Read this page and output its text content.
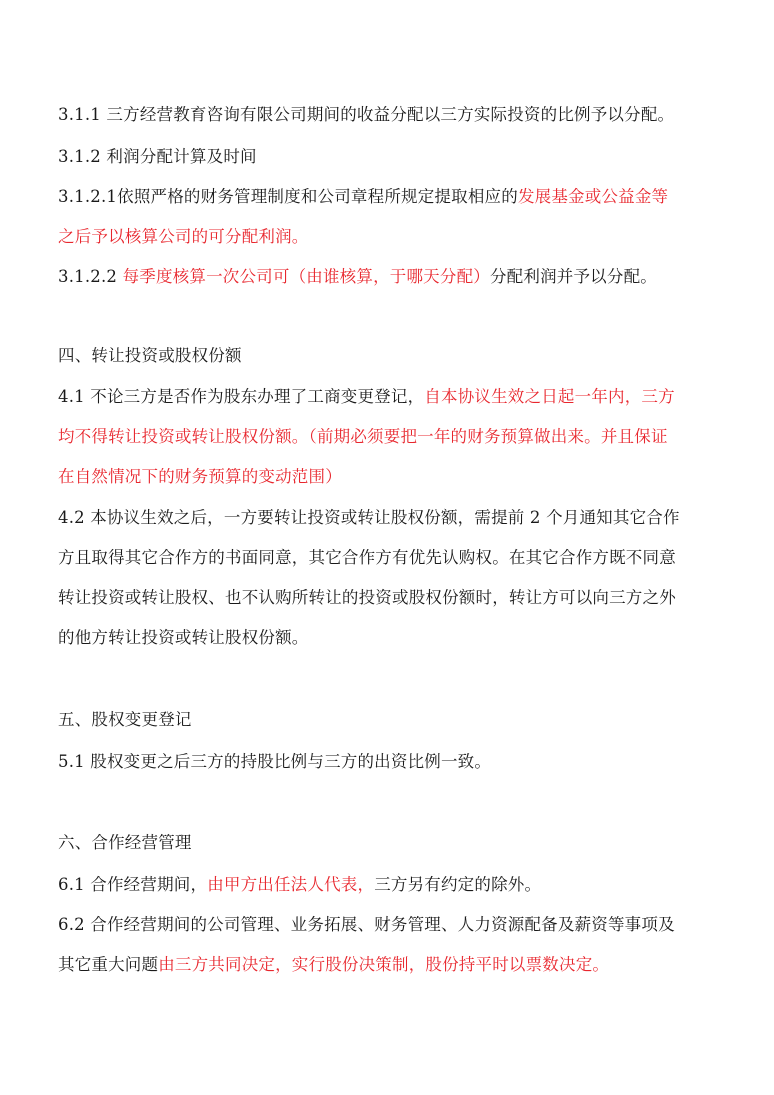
3.1.1 三方经营教育咨询有限公司期间的收益分配以三方实际投资的比例予以分配。
3.1.2 利润分配计算及时间
3.1.2.1依照严格的财务管理制度和公司章程所规定提取相应的发展基金或公益金等
之后予以核算公司的可分配利润。
3.1.2.2 每季度核算一次公司可（由谁核算，于哪天分配）分配利润并予以分配。
四、转让投资或股权份额
4.1 不论三方是否作为股东办理了工商变更登记，自本协议生效之日起一年内，三方
均不得转让投资或转让股权份额。（前期必须要把一年的财务预算做出来。并且保证
在自然情况下的财务预算的变动范围）
4.2 本协议生效之后，一方要转让投资或转让股权份额，需提前 2 个月通知其它合作
方且取得其它合作方的书面同意，其它合作方有优先认购权。在其它合作方既不同意
转让投资或转让股权、也不认购所转让的投资或股权份额时，转让方可以向三方之外
的他方转让投资或转让股权份额。
五、股权变更登记
5.1 股权变更之后三方的持股比例与三方的出资比例一致。
六、合作经营管理
6.1 合作经营期间，由甲方出任法人代表，三方另有约定的除外。
6.2 合作经营期间的公司管理、业务拓展、财务管理、人力资源配备及薪资等事项及
其它重大问题由三方共同决定，实行股份决策制，股份持平时以票数决定。
